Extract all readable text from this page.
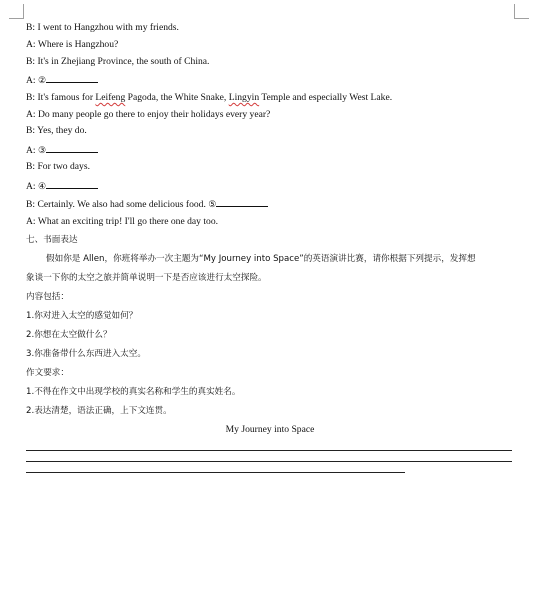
B: I went to Hangzhou with my friends.
A: Where is Hangzhou?
B: It's in Zhejiang Province, the south of China.
A: ②
B: It's famous for Leifeng Pagoda, the White Snake, Lingyin Temple and especially West Lake.
A: Do many people go there to enjoy their holidays every year?
B: Yes, they do.
A: ③
B: For two days.
A: ④
B: Certainly. We also had some delicious food. ⑤
A: What an exciting trip! I'll go there one day too.
七、书面表达
假如你是 Allen，你班将举办一次主题为“My Journey into Space”的英语演讲比赛，请你根据下列提示，发挥想
象谈一下你的太空之旅并简单说明一下是否应该进行太空探险。
内容包括：
1.你对进入太空的感觉如何？
2.你想在太空做什么？
3.你准备带什么东西进入太空。
作文要求：
1.不得在作文中出现学校的真实名称和学生的真实姓名。
2.表达清楚，语法正确，上下文连贯。
My Journey into Space
